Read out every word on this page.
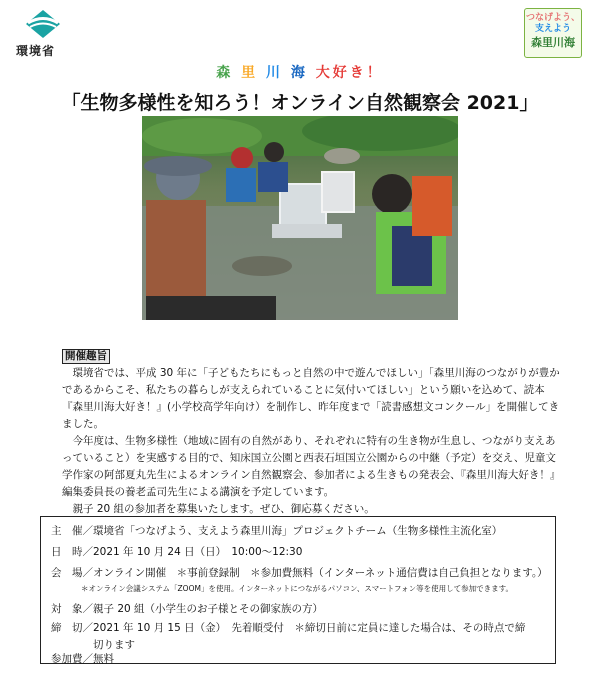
環境省
つなげよう、
支えよう
森里川海
森 里 川 海 大好き！
「生物多様性を知ろう！オンライン自然観察会 2021」
開催趣旨

環境省では、平成 30 年に「子どもたちにもっと自然の中で遊んでほしい」「森里川海のつながりが豊かであるからこそ、私たちの暮らしが支えられていることに気付いてほしい」という願いを込めて、読本『森里川海大好き！』(小学校高学年向け）を制作し、昨年度まで「読書感想文コンクール」を開催してきました。

今年度は、生物多様性（地域に固有の自然があり、それぞれに特有の生き物が生息し、つながり支えあっていること）を実感する目的で、知床国立公園と西表石垣国立公園からの中継（予定）を交え、児童文学作家の阿部夏丸先生によるオンライン自然観察会、参加者による生きもの発表会、『森里川海大好き！』編集委員長の養老孟司先生による講演を予定しています。

親子 20 組の参加者を募集いたします。ぜひ、御応募ください。

主　催／環境省「つなげよう、支えよう森里川海」プロジェクトチーム（生物多様性主流化室）
日　時／2021 年 10 月 24 日（日）　10:00～12:30
会　場／オンライン開催　＊事前登録制　＊参加費無料（インターネット通信費は自己負担となります。）
＊オンライン会議システム「ZOOM」を使用。インターネットにつながるパソコン、スマートフォン等を使用して参加できます。
対　象／親子 20 組（小学生のお子様とその御家族の方）
締　切／2021 年 10 月 15 日（金）　先着順受付　＊締切日前に定員に達した場合は、その時点で締
切ります
参加費／無料
